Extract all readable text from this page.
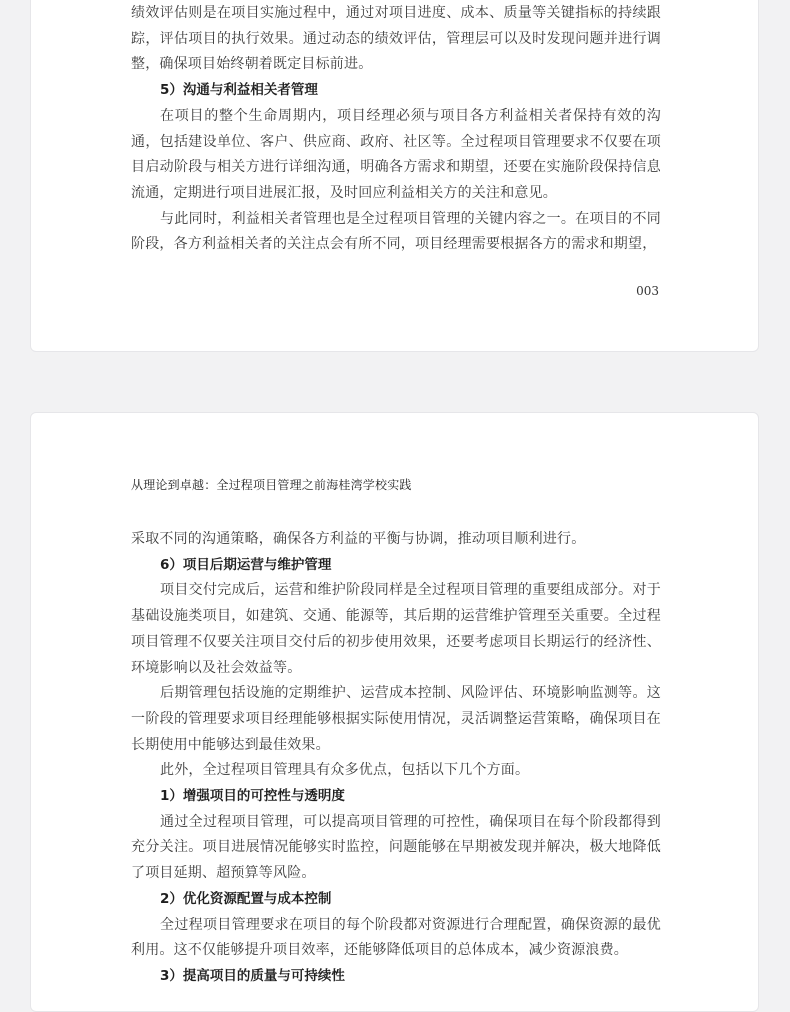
绩效评估则是在项目实施过程中，通过对项目进度、成本、质量等关键指标的持续跟踪，评估项目的执行效果。通过动态的绩效评估，管理层可以及时发现问题并进行调整，确保项目始终朝着既定目标前进。

5）沟通与利益相关者管理

在项目的整个生命周期内，项目经理必须与项目各方利益相关者保持有效的沟通，包括建设单位、客户、供应商、政府、社区等。全过程项目管理要求不仅要在项目启动阶段与相关方进行详细沟通，明确各方需求和期望，还要在实施阶段保持信息流通，定期进行项目进展汇报，及时回应利益相关方的关注和意见。

与此同时，利益相关者管理也是全过程项目管理的关键内容之一。在项目的不同阶段，各方利益相关者的关注点会有所不同，项目经理需要根据各方的需求和期望，

003
从理论到卓越：全过程项目管理之前海桂湾学校实践

采取不同的沟通策略，确保各方利益的平衡与协调，推动项目顺利进行。

6）项目后期运营与维护管理

项目交付完成后，运营和维护阶段同样是全过程项目管理的重要组成部分。对于基础设施类项目，如建筑、交通、能源等，其后期的运营维护管理至关重要。全过程项目管理不仅要关注项目交付后的初步使用效果，还要考虑项目长期运行的经济性、环境影响以及社会效益等。

后期管理包括设施的定期维护、运营成本控制、风险评估、环境影响监测等。这一阶段的管理要求项目经理能够根据实际使用情况，灵活调整运营策略，确保项目在长期使用中能够达到最佳效果。

此外，全过程项目管理具有众多优点，包括以下几个方面。

1）增强项目的可控性与透明度

通过全过程项目管理，可以提高项目管理的可控性，确保项目在每个阶段都得到充分关注。项目进展情况能够实时监控，问题能够在早期被发现并解决，极大地降低了项目延期、超预算等风险。

2）优化资源配置与成本控制

全过程项目管理要求在项目的每个阶段都对资源进行合理配置，确保资源的最优利用。这不仅能够提升项目效率，还能够降低项目的总体成本，减少资源浪费。

3）提高项目的质量与可持续性
